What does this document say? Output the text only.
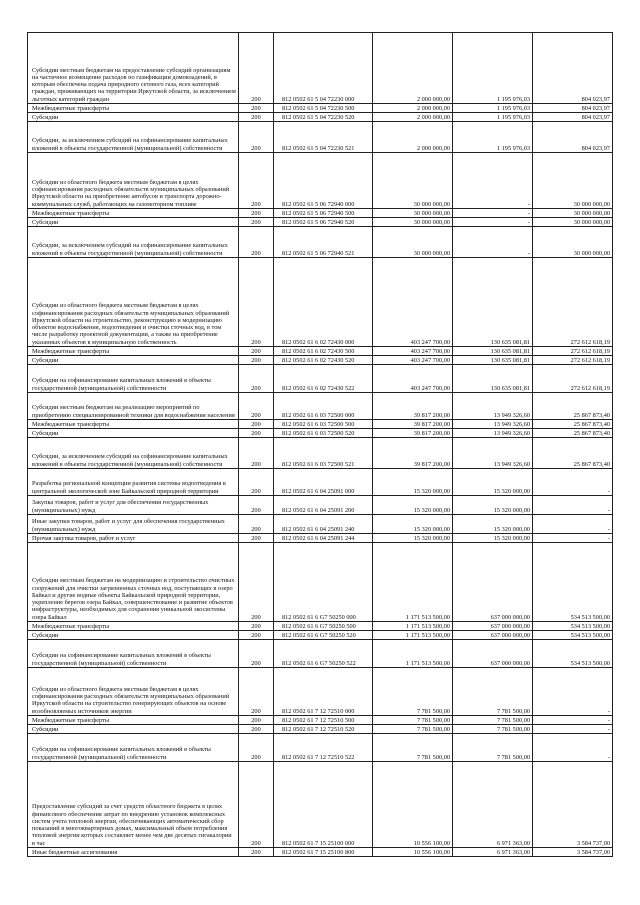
Субсидии местным бюджетам на предоставление субсидий организациям на частичное возмещение расходов по газификации домовладений, в которым обеспечена подача природного сетевого газа, всех категорий граждан, проживающих на территории Иркутской области, за исключением льготных категорий граждан	200	812 0502 61 5 04 72230 000	2 000 000,00	1 195 976,03	804 023,97
Межбюджетные трансферты	200	812 0502 61 5 04 72230 500	2 000 000,00	1 195 976,03	804 023,97
Субсидии	200	812 0502 61 5 04 72230 520	2 000 000,00	1 195 976,03	804 023,97
Субсидии, за исключением субсидий на софинансирование капитальных вложений в объекты государственной (муниципальной) собственности	200	812 0502 61 5 04 72230 521	2 000 000,00	1 195 976,03	804 023,97
Субсидии из областного бюджета местным бюджетам в целях софинансирования расходных обязательств муниципальных образований Иркутской области на приобретение автобусов и транспорта дорожно-коммунальных служб, работающих на газомоторном топливе	200	812 0502 61 5 06 72940 000	30 000 000,00	-	30 000 000,00
Межбюджетные трансферты	200	812 0502 61 5 06 72940 500	30 000 000,00	-	30 000 000,00
Субсидии	200	812 0502 61 5 06 72940 520	30 000 000,00	-	30 000 000,00
Субсидии, за исключением субсидий на софинансирование капитальных вложений в объекты государственной (муниципальной) собственности	200	812 0502 61 5 06 72940 521	30 000 000,00	-	30 000 000,00
Субсидии из областного бюджета местным бюджетам в целях софинансирования расходных обязательств муниципальных образований Иркутской области на строительство, реконструкцию и модернизацию объектов водоснабжения, водоотведения и очистки сточных вод, в том числе разработку проектной документации, а также на приобретение указанных объектов в муниципальную собственность	200	812 0502 61 6 02 72430 000	403 247 700,00	130 635 081,81	272 612 618,19
Межбюджетные трансферты	200	812 0502 61 6 02 72430 500	403 247 700,00	130 635 081,81	272 612 618,19
Субсидии	200	812 0502 61 6 02 72430 520	403 247 700,00	130 635 081,81	272 612 618,19
Субсидии на софинансирование капитальных вложений в объекты государственной (муниципальной) собственности	200	812 0502 61 6 02 72430 522	403 247 700,00	130 635 081,81	272 612 618,19
Субсидии местным бюджетам на реализацию мероприятий по приобретению специализированной техники для водоснабжения населения	200	812 0502 61 6 03 72500 000	39 817 200,00	13 949 326,60	25 867 873,40
Межбюджетные трансферты	200	812 0502 61 6 03 72500 500	39 817 200,00	13 949 326,60	25 867 873,40
Субсидии	200	812 0502 61 6 03 72500 520	39 817 200,00	13 949 326,60	25 867 873,40
Субсидии, за исключением субсидий на софинансирование капитальных вложений в объекты государственной (муниципальной) собственности	200	812 0502 61 6 03 72500 521	39 817 200,00	13 949 326,60	25 867 873,40
Разработка региональной концепции развития системы водоотведения в центральной экологической зоне Байкальской природной территории	200	812 0502 61 6 04 25091 000	15 320 000,00	15 320 000,00	-
Закупка товаров, работ и услуг для обеспечения государственных (муниципальных) нужд	200	812 0502 61 6 04 25091 200	15 320 000,00	15 320 000,00	-
Иные закупки товаров, работ и услуг для обеспечения государственных (муниципальных) нужд	200	812 0502 61 6 04 25091 240	15 320 000,00	15 320 000,00	-
Прочая закупка товаров, работ и услуг	200	812 0502 61 6 04 25091 244	15 320 000,00	15 320 000,00	-
Субсидии местным бюджетам на модернизацию и строительство очистных сооружений для очистки загрязненных сточных вод, поступающих в озеро Байкал и другие водные объекты Байкальской природной территории, укрепление берегов озера Байкал, совершенствование и развитие объектов инфраструктуры, необходимых для сохранения уникальной экосистемы озера Байкал	200	812 0502 61 6 G7 50250 000	1 171 513 500,00	637 000 000,00	534 513 500,00
Межбюджетные трансферты	200	812 0502 61 6 G7 50250 500	1 171 513 500,00	637 000 000,00	534 513 500,00
Субсидии	200	812 0502 61 6 G7 50250 520	1 171 513 500,00	637 000 000,00	534 513 500,00
Субсидии на софинансирование капитальных вложений в объекты государственной (муниципальной) собственности	200	812 0502 61 6 G7 50250 522	1 171 513 500,00	637 000 000,00	534 513 500,00
Субсидии из областного бюджета местным бюджетам в целях софинансирования расходных обязательств муниципальных образований Иркутской области на строительство генерирующих объектов на основе возобновляемых источников энергии	200	812 0502 61 7 12 72510 000	7 781 500,00	7 781 500,00	-
Межбюджетные трансферты	200	812 0502 61 7 12 72510 500	7 781 500,00	7 781 500,00	-
Субсидии	200	812 0502 61 7 12 72510 520	7 781 500,00	7 781 500,00	-
Субсидии на софинансирование капитальных вложений в объекты государственной (муниципальной) собственности	200	812 0502 61 7 12 72510 522	7 781 500,00	7 781 500,00	-
Предоставление субсидий за счет средств областного бюджета в целях финансового обеспечения затрат по внедрению установок комплексных систем учета тепловой энергии, обеспечивающих автоматический сбор показаний в многоквартирных домах, максимальный объем потребления тепловой энергии которых составляет менее чем две десятых гигакалории в час	200	812 0502 61 7 15 25100 000	10 556 100,00	6 971 363,00	3 584 737,00
Иные бюджетные ассигнования	200	812 0502 61 7 15 25100 800	10 556 100,00	6 971 363,00	3 584 737,00
